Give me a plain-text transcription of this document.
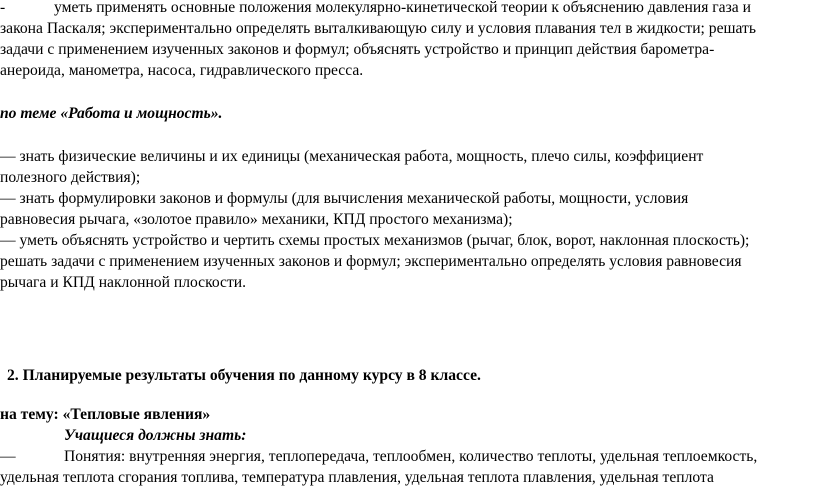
-	уметь применять основные положения молекулярно-кинетической теории к объяснению давления газа и
закона Паскаля; экспериментально определять выталкивающую силу и условия плавания тел в жидкости; решать
задачи с применением изученных законов и формул; объяснять устройство и принцип действия барометра-
анероида, манометра, насоса, гидравлического пресса.
по теме «Работа и мощность».
— знать физические величины и их единицы (механическая работа, мощность, плечо силы, коэффициент
полезного действия);
— знать формулировки законов и формулы (для вычисления механической работы, мощности, условия
равновесия рычага, «золотое правило» механики, КПД простого механизма);
— уметь объяснять устройство и чертить схемы простых механизмов (рычаг, блок, ворот, наклонная плоскость);
решать задачи с применением изученных законов и формул; экспериментально определять условия равновесия
рычага и КПД наклонной плоскости.
2. Планируемые результаты обучения по данному курсу в 8 классе.
на тему: «Тепловые явления»
Учащиеся должны знать:
—	Понятия: внутренняя энергия, теплопередача, теплообмен, количество теплоты, удельная теплоемкость,
удельная теплота сгорания топлива, температура плавления, удельная теплота плавления, удельная теплота
